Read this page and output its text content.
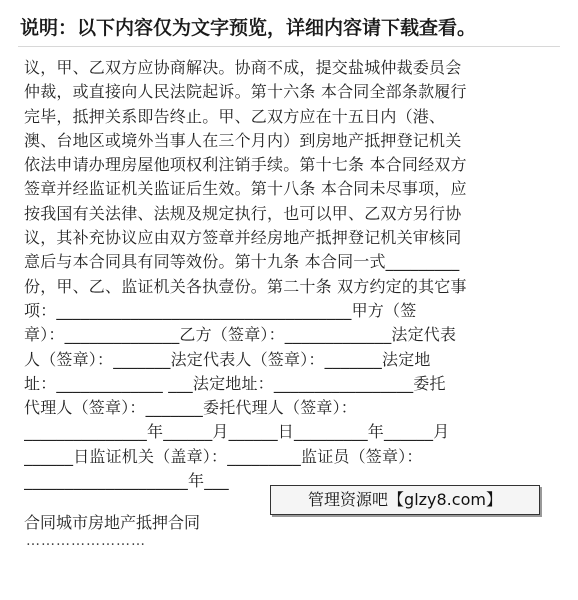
说明：以下内容仅为文字预览，详细内容请下载查看。
议，甲、乙双方应协商解决。协商不成，提交盐城仲裁委员会
仲裁，或直接向人民法院起诉。第十六条 本合同全部条款履行
完毕，抵押关系即告终止。甲、乙双方应在十五日内（港、
澳、台地区或境外当事人在三个月内）到房地产抵押登记机关
依法申请办理房屋他项权利注销手续。第十七条 本合同经双方
签章并经监证机关监证后生效。第十八条 本合同未尽事项，应
按我国有关法律、法规及规定执行，也可以甲、乙双方另行协
议，其补充协议应由双方签章并经房地产抵押登记机关审核同
意后与本合同具有同等效份。第十九条 本合同一式_________
份，甲、乙、监证机关各执壹份。第二十条 双方约定的其它事
项：____________________________________甲方（签
章）：______________乙方（签章）：_____________法定代表
人（签章）：_______法定代表人（签章）：_______法定地
址：_____________ ___法定地址：_________________委托
代理人（签章）：_______委托代理人（签章）：
_______________年______月______日_________年______月
______日监证机关（盖章）：_________监证员（签章）：
____________________年___
管理资源吧【glzy8.com】
合同城市房地产抵押合同
……………………
